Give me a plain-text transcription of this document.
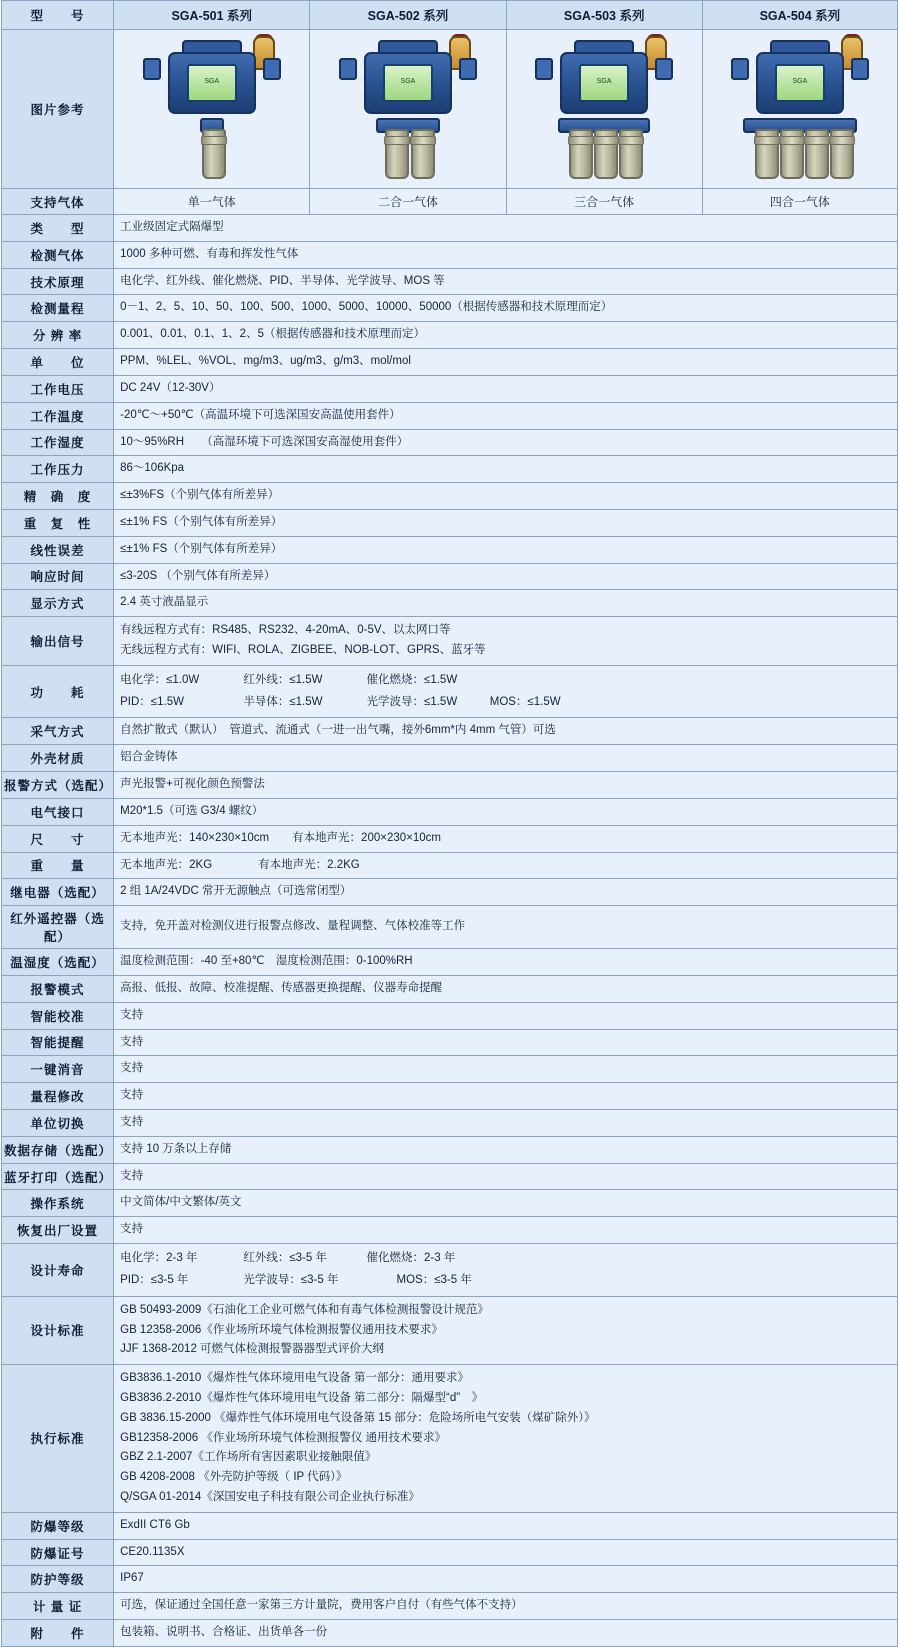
型　　号	SGA-501 系列	SGA-502 系列	SGA-503 系列	SGA-504 系列
图片参考	SGA	SGA	SGA	SGA

支持气体	单一气体	二合一气体	三合一气体	四合一气体
类　　型	工业级固定式隔爆型			
检测气体	1000 多种可燃、有毒和挥发性气体			
技术原理	电化学、红外线、催化燃烧、PID、半导体、光学波导、MOS 等			
检测量程	0－1、2、5、10、50、100、500、1000、5000、10000、50000（根据传感器和技术原理而定）			
分 辨 率	0.001、0.01、0.1、1、2、5（根据传感器和技术原理而定）			
单　　位	PPM、%LEL、%VOL、mg/m3、ug/m3、g/m3、mol/mol			
工作电压	DC 24V（12-30V）			
工作温度	-20℃～+50℃（高温环境下可选深国安高温使用套件）			
工作湿度	10～95%RH　　（高湿环境下可选深国安高湿使用套件）			
工作压力	86～106Kpa			
精　确　度	≤±3%FS（个别气体有所差异）			
重　复　性	≤±1% FS（个别气体有所差异）			
线性误差	≤±1% FS（个别气体有所差异）			
响应时间	≤3-20S （个别气体有所差异）			
显示方式	2.4 英寸液晶显示			
输出信号	有线远程方式有：RS485、RS232、4-20mA、0-5V、以太网口等
无线远程方式有：WIFI、ROLA、ZIGBEE、NOB-LOT、GPRS、蓝牙等			

功　　耗	电化学：≤1.0W 红外线：≤1.5W 催化燃烧：≤1.5W
PID：≤1.5W 半导体：≤1.5W 光学波导：≤1.5W MOS：≤1.5W			

采气方式	自然扩散式（默认）　管道式、流通式（一进一出气嘴，接外6mm*内 4mm 气管）可选			
外壳材质	铝合金铸体			
报警方式（选配）	声光报警+可视化颜色预警法			
电气接口	M20*1.5（可选 G3/4 螺纹）			
尺　　寸	无本地声光：140×230×10cm　　有本地声光：200×230×10cm			
重　　量	无本地声光：2KG　　　　有本地声光：2.2KG			
继电器（选配）	2 组 1A/24VDC 常开无源触点（可选常闭型）			
红外遥控器（选配）	支持，免开盖对检测仪进行报警点修改、量程调整、气体校准等工作			
温湿度（选配）	温度检测范围：-40 至+80℃　湿度检测范围：0-100%RH			
报警模式	高报、低报、故障、校准提醒、传感器更换提醒、仪器寿命提醒			
智能校准	支持			
智能提醒	支持			
一键消音	支持			
量程修改	支持			
单位切换	支持			
数据存储（选配）	支持 10 万条以上存储			
蓝牙打印（选配）	支持			
操作系统	中文简体/中文繁体/英文			
恢复出厂设置	支持			
设计寿命	电化学：2-3 年 红外线：≤3-5 年 催化燃烧：2-3 年
PID：≤3-5 年 光学波导：≤3-5 年 MOS：≤3-5 年			

设计标准	GB 50493-2009《石油化工企业可燃气体和有毒气体检测报警设计规范》
GB 12358-2006《作业场所环境气体检测报警仪通用技术要求》
JJF 1368-2012 可燃气体检测报警器器型式评价大纲			

执行标准	
GB3836.1-2010《爆炸性气体环境用电气设备 第一部分：通用要求》
GB3836.2-2010《爆炸性气体环境用电气设备 第二部分：隔爆型“d”　》
GB 3836.15-2000 《爆炸性气体环境用电气设备第 15 部分：危险场所电气安装（煤矿除外）》
GB12358-2006 《作业场所环境气体检测报警仪 通用技术要求》
GBZ 2.1-2007《工作场所有害因素职业接触限值》
GB 4208-2008 《外壳防护等级（ IP 代码）》
Q/SGA 01-2014《深国安电子科技有限公司企业执行标准》

防爆等级	ExdII CT6 Gb			
防爆证号	CE20.1135X			
防护等级	IP67			
计 量 证	可选，保证通过全国任意一家第三方计量院，费用客户自付（有些气体不支持）			
附　　件	包装箱、说明书、合格证、出货单各一份			
